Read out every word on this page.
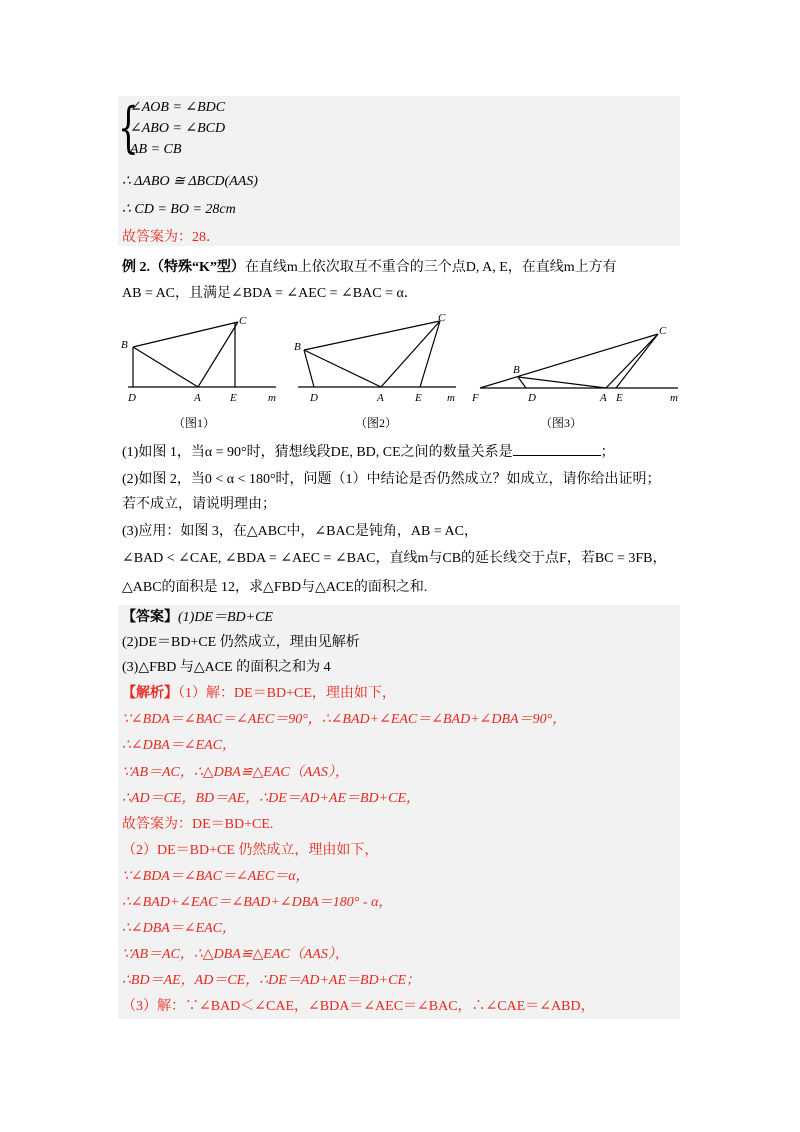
{
∠AOB = ∠BDC
∠ABO = ∠BCD
AB = CB
∴ ΔABO ≅ ΔBCD(AAS)
∴ CD = BO = 28cm
故答案为：28．
例 2.（特殊“K”型）在直线m上依次取互不重合的三个点D, A, E，在直线m上方有
AB = AC，且满足∠BDA = ∠AEC = ∠BAC = α．
B
C
D	A	E	m
B
C
D	A	E m
B
C
F	D	A E	m
（图1）	（图2）	（图3）
(1)如图 1，当α = 90°时，猜想线段DE, BD, CE之间的数量关系是	；
(2)如图 2，当0 < α < 180°时，问题（1）中结论是否仍然成立？如成立，请你给出证明；
若不成立，请说明理由；
(3)应用：如图 3，在△ABC中，∠BAC是钝角，AB = AC，
∠BAD < ∠CAE, ∠BDA = ∠AEC = ∠BAC，直线m与CB的延长线交于点F，若BC = 3FB，
△ABC的面积是 12，求△FBD与△ACE的面积之和.
【答案】(1)DE＝BD+CE
(2)DE＝BD+CE 仍然成立，理由见解析
(3)△FBD 与△ACE 的面积之和为 4
【解析】（1）解：DE＝BD+CE，理由如下，
∵∠BDA＝∠BAC＝∠AEC＝90°，∴∠BAD+∠EAC＝∠BAD+∠DBA＝90°，
∴∠DBA＝∠EAC，
∵AB＝AC，∴△DBA≌△EAC（AAS），
∴AD＝CE，BD＝AE，∴DE＝AD+AE＝BD+CE，
故答案为：DE＝BD+CE.
（2）DE＝BD+CE 仍然成立，理由如下，
∵∠BDA＝∠BAC＝∠AEC＝α，
∴∠BAD+∠EAC＝∠BAD+∠DBA＝180° - α，
∴∠DBA＝∠EAC，
∵AB＝AC，∴△DBA≌△EAC（AAS），
∴BD＝AE，AD＝CE，∴DE＝AD+AE＝BD+CE；
（3）解：∵∠BAD＜∠CAE，∠BDA＝∠AEC＝∠BAC，∴∠CAE＝∠ABD，
